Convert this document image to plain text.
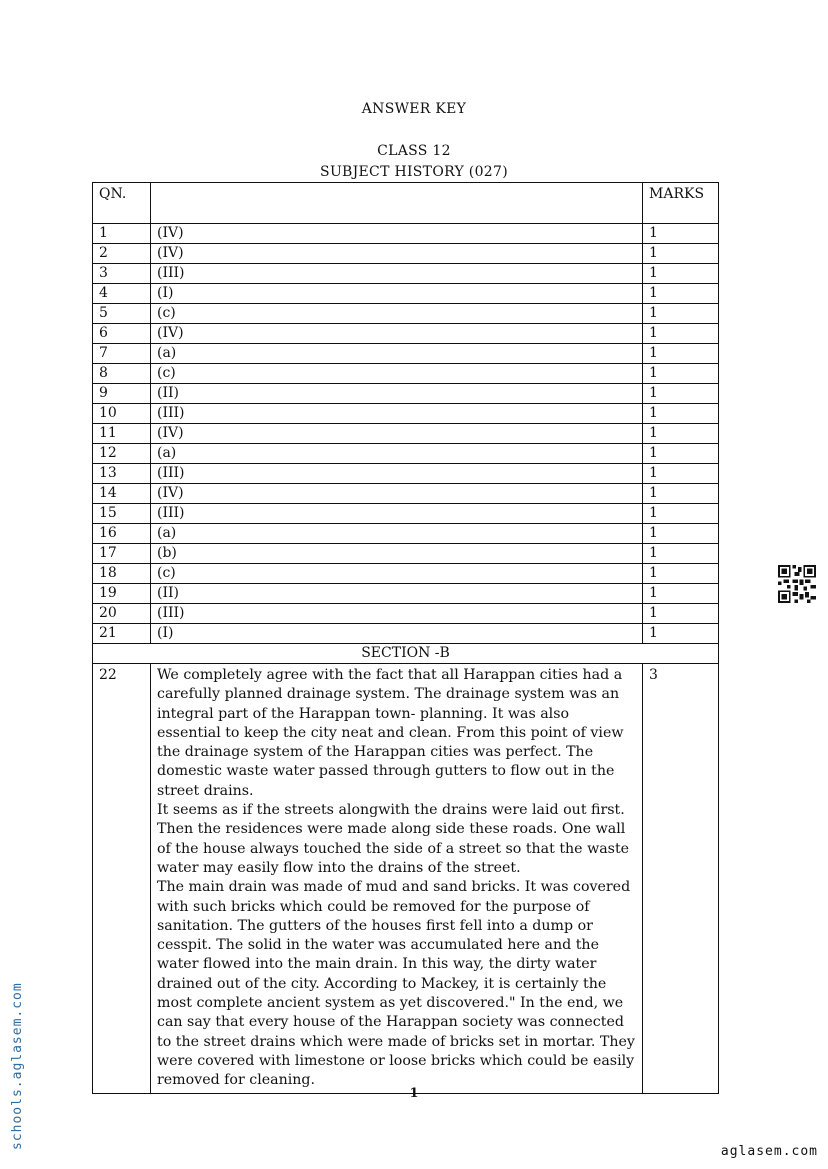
ANSWER KEY
CLASS 12
SUBJECT HISTORY (027)
QN.		MARKS
1	(IV)	1
2	(IV)	1
3	(III)	1
4	(I)	1
5	(c)	1
6	(IV)	1
7	(a)	1
8	(c)	1
9	(II)	1
10	(III)	1
11	(IV)	1
12	(a)	1
13	(III)	1
14	(IV)	1
15	(III)	1
16	(a)	1
17	(b)	1
18	(c)	1
19	(II)	1
20	(III)	1
21	(I)	1
SECTION -B		
22	We completely agree with the fact that all Harappan cities had a carefully planned drainage system. The drainage system was an integral part of the Harappan town- planning. It was also essential to keep the city neat and clean. From this point of view the drainage system of the Harappan cities was perfect. The domestic waste water passed through gutters to flow out in the street drains.
It seems as if the streets alongwith the drains were laid out first. Then the residences were made along side these roads. One wall of the house always touched the side of a street so that the waste water may easily flow into the drains of the street.
The main drain was made of mud and sand bricks. It was covered with such bricks which could be removed for the purpose of sanitation. The gutters of the houses first fell into a dump or cesspit. The solid in the water was accumulated here and the water flowed into the main drain. In this way, the dirty water drained out of the city. According to Mackey, it is certainly the most complete ancient system as yet discovered." In the end, we can say that every house of the Harappan society was connected to the street drains which were made of bricks set in mortar. They were covered with limestone or loose bricks which could be easily removed for cleaning.	3
1
schools.aglasem.com
aglasem.com
